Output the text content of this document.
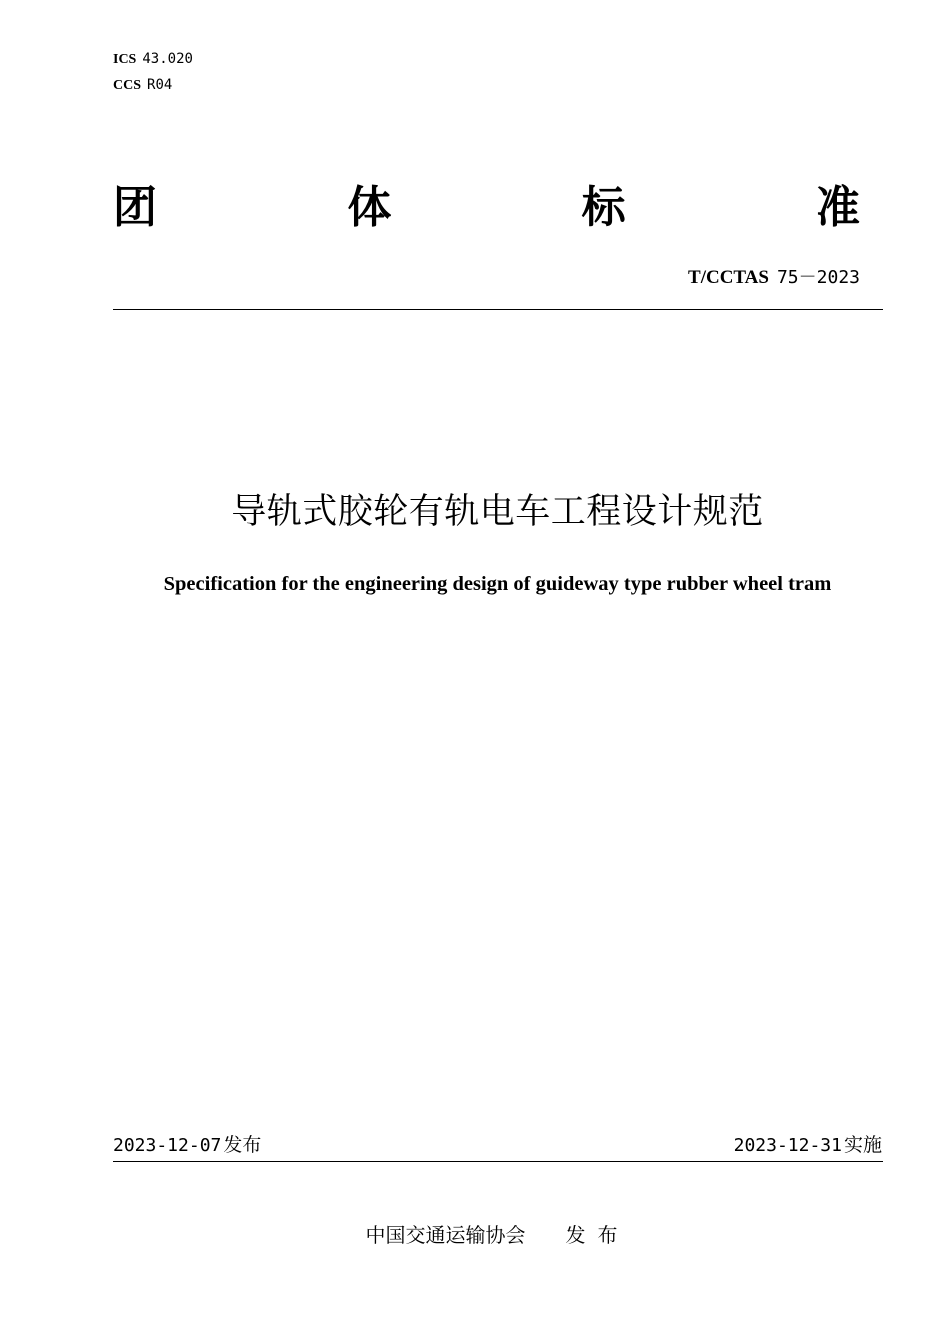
ICS 43.020
CCS R04
团	体	标	准
T/CCTAS 75－2023
导轨式胶轮有轨电车工程设计规范
Specification for the engineering design of guideway type rubber wheel tram
2023-12-07 发布	2023-12-31 实施
中国交通运输协会 发布
